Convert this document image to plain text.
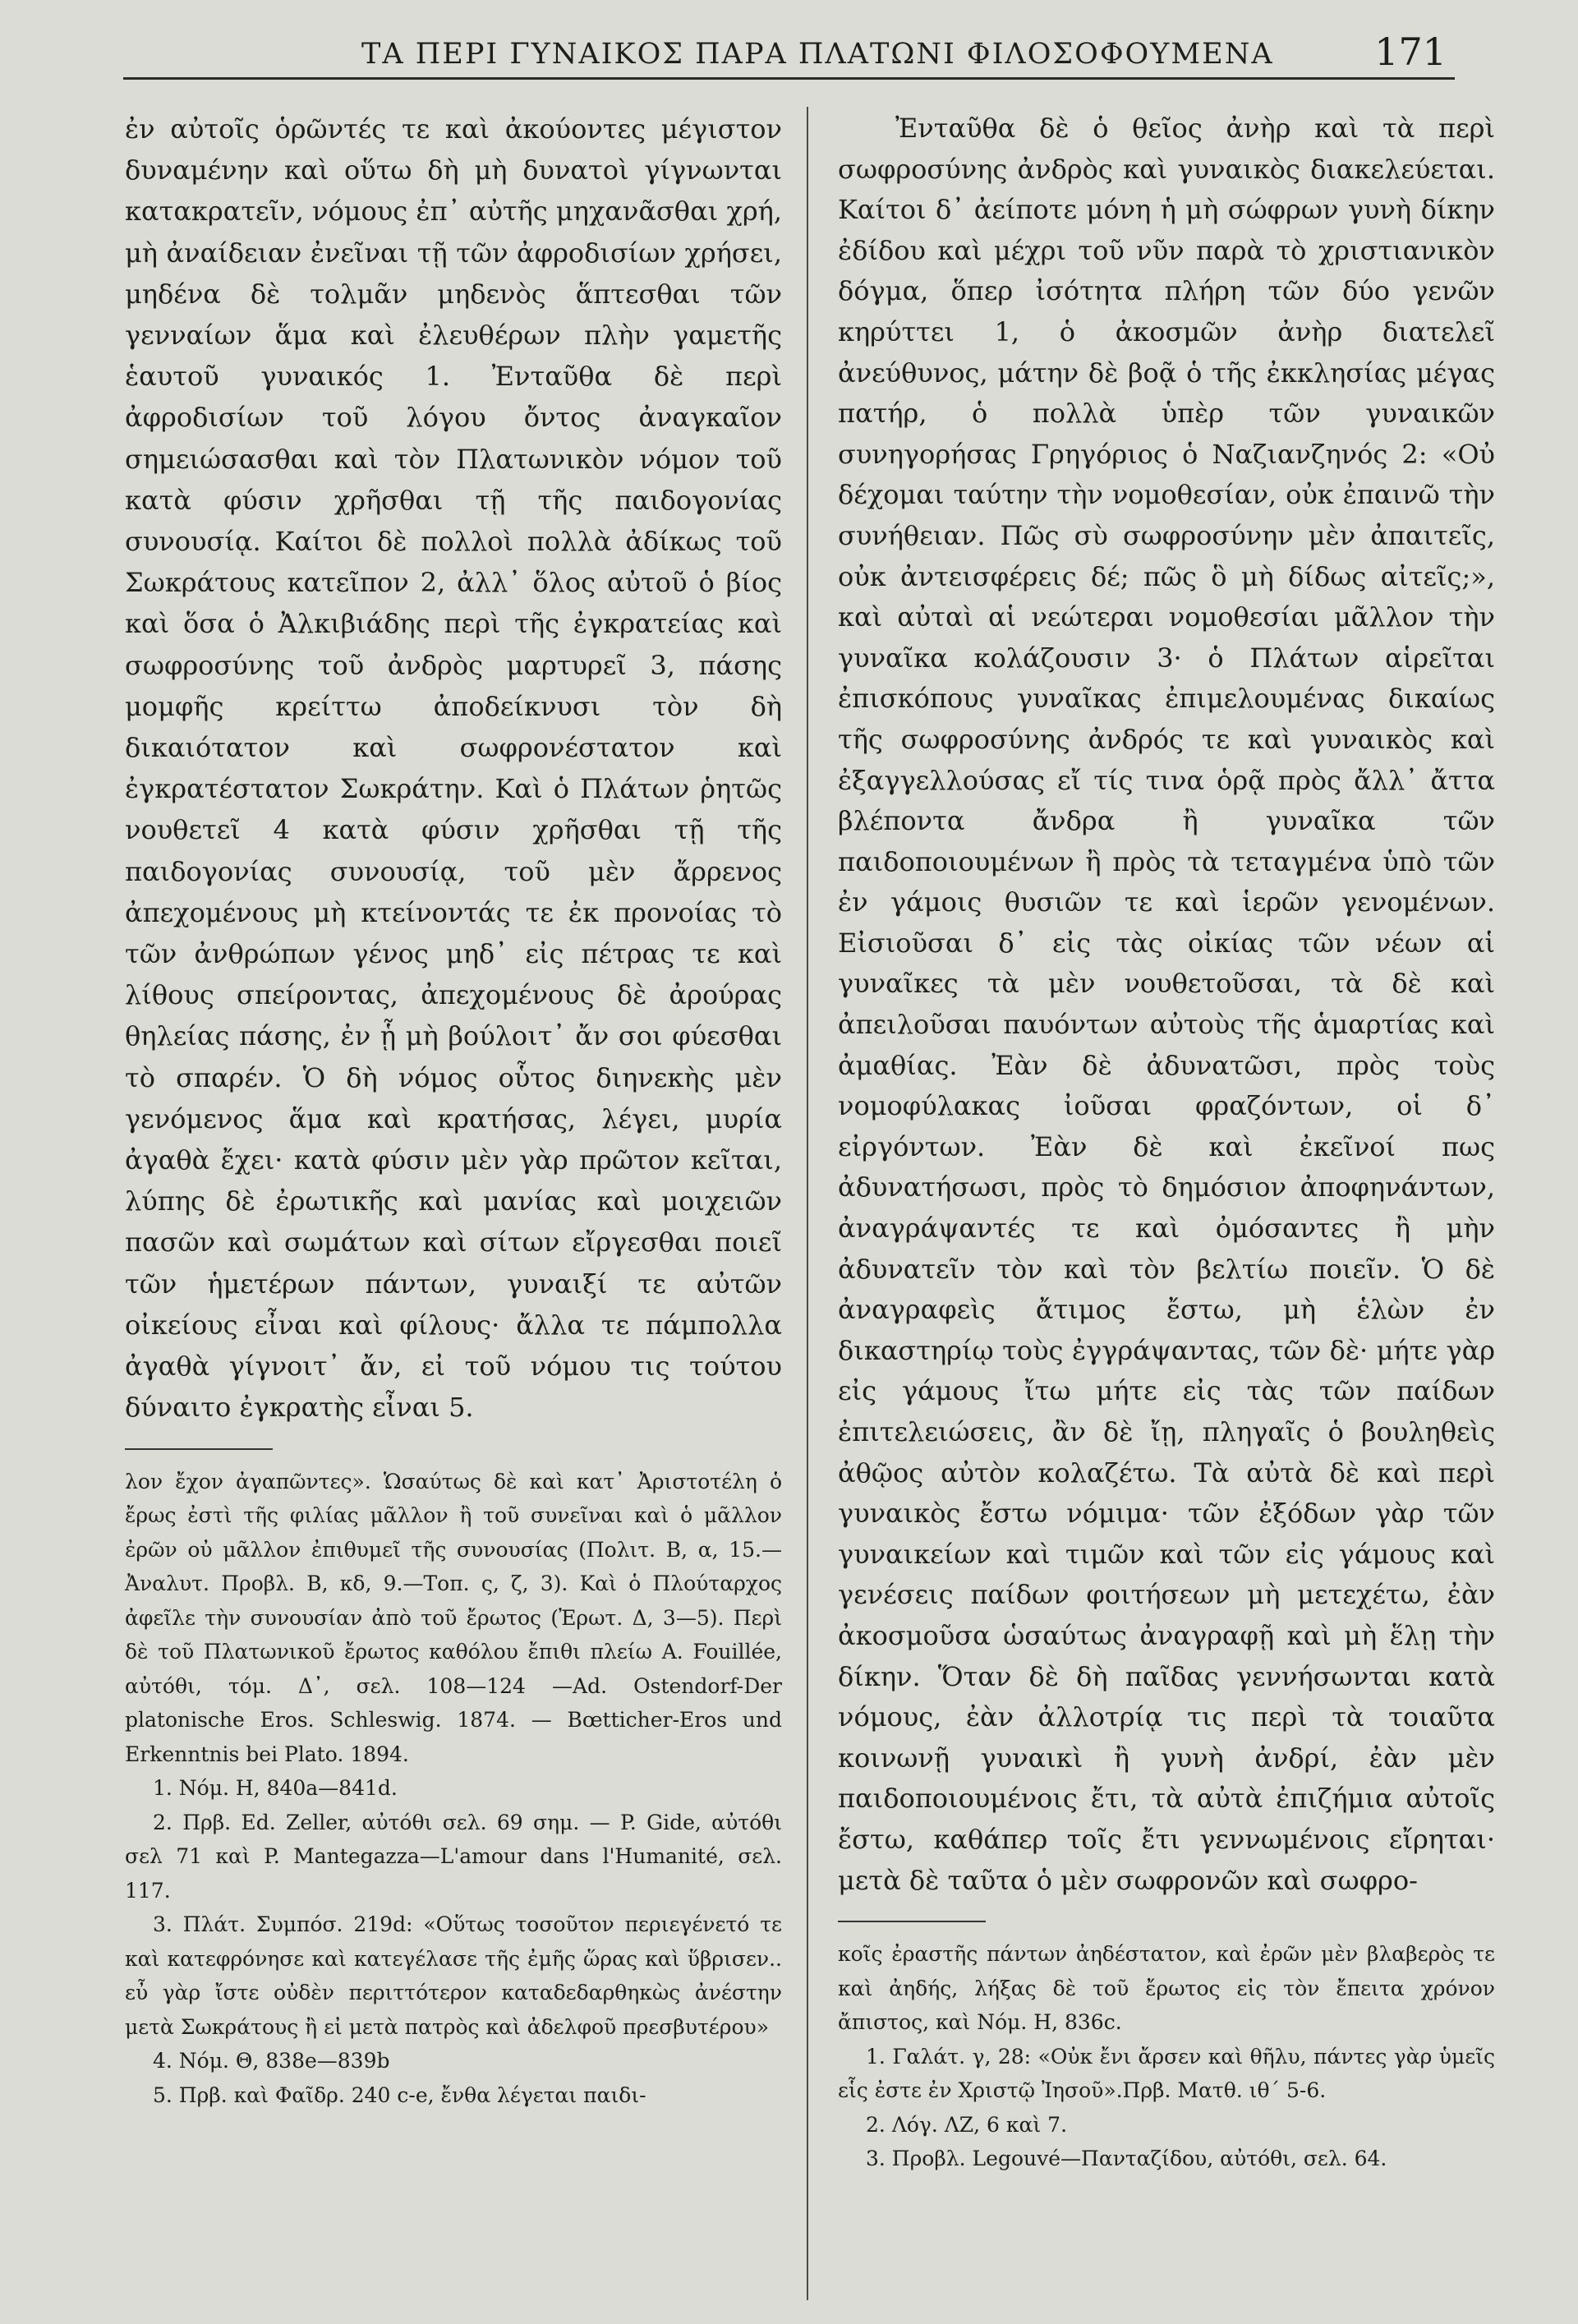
ΤΑ ΠΕΡΙ ΓΥΝΑΙΚΟΣ ΠΑΡΑ ΠΛΑΤΩΝΙ ΦΙΛΟΣΟΦΟΥΜΕΝΑ	171

ἐν αὐτοῖς ὁρῶντές τε καὶ ἀκούοντες μέγιστον δυναμένην καὶ οὕτω δὴ μὴ δυνατοὶ γίγνωνται κατακρατεῖν, νόμους ἐπ᾽ αὐτῆς μηχανᾶσθαι χρή, μὴ ἀναίδειαν ἐνεῖναι τῇ τῶν ἀφροδισίων χρήσει, μηδένα δὲ τολμᾶν μηδενὸς ἅπτεσθαι τῶν γενναίων ἅμα καὶ ἐλευθέρων πλὴν γαμετῆς ἑαυτοῦ γυναικός 1. Ἐνταῦθα δὲ περὶ ἀφροδισίων τοῦ λόγου ὄντος ἀναγκαῖον σημειώσασθαι καὶ τὸν Πλατωνικὸν νόμον τοῦ κατὰ φύσιν χρῆσθαι τῇ τῆς παιδογονίας συνουσίᾳ. Καίτοι δὲ πολλοὶ πολλὰ ἀδίκως τοῦ Σωκράτους κατεῖπον 2, ἀλλ᾽ ὅλος αὐτοῦ ὁ βίος καὶ ὅσα ὁ Ἀλκιβιάδης περὶ τῆς ἐγκρατείας καὶ σωφροσύνης τοῦ ἀνδρὸς μαρτυρεῖ 3, πάσης μομφῆς κρείττω ἀποδείκνυσι τὸν δὴ δικαιότατον καὶ σωφρονέστατον καὶ ἐγκρατέστατον Σωκράτην. Καὶ ὁ Πλάτων ῥητῶς νουθετεῖ 4 κατὰ φύσιν χρῆσθαι τῇ τῆς παιδογονίας συνουσίᾳ, τοῦ μὲν ἄρρενος ἀπεχομένους μὴ κτείνοντάς τε ἐκ προνοίας τὸ τῶν ἀνθρώπων γένος μηδ᾽ εἰς πέτρας τε καὶ λίθους σπείροντας, ἀπεχομένους δὲ ἀρούρας θηλείας πάσης, ἐν ᾗ μὴ βούλοιτ᾽ ἄν σοι φύεσθαι τὸ σπαρέν. Ὁ δὴ νόμος οὗτος διηνεκὴς μὲν γενόμενος ἅμα καὶ κρατήσας, λέγει, μυρία ἀγαθὰ ἔχει· κατὰ φύσιν μὲν γὰρ πρῶτον κεῖται, λύπης δὲ ἐρωτικῆς καὶ μανίας καὶ μοιχειῶν πασῶν καὶ σωμάτων καὶ σίτων εἴργεσθαι ποιεῖ τῶν ἡμετέρων πάντων, γυναιξί τε αὐτῶν οἰκείους εἶναι καὶ φίλους· ἄλλα τε πάμπολλα ἀγαθὰ γίγνοιτ᾽ ἄν, εἰ τοῦ νόμου τις τούτου δύναιτο ἐγκρατὴς εἶναι 5.

λον ἔχον ἀγαπῶντες». Ὡσαύτως δὲ καὶ κατ᾽ Ἀριστοτέλη ὁ ἔρως ἐστὶ τῆς φιλίας μᾶλλον ἢ τοῦ συνεῖναι καὶ ὁ μᾶλλον ἐρῶν οὐ μᾶλλον ἐπιθυμεῖ τῆς συνουσίας (Πολιτ. Β, α, 15.— Ἀναλυτ. Προβλ. Β, κδ, 9.—Τοπ. ς, ζ, 3). Καὶ ὁ Πλούταρχος ἀφεῖλε τὴν συνουσίαν ἀπὸ τοῦ ἔρωτος (Ἐρωτ. Δ, 3—5). Περὶ δὲ τοῦ Πλατωνικοῦ ἔρωτος καθόλου ἔπιθι πλείω A. Fouillée, αὐτόθι, τόμ. Δ᾽, σελ. 108—124 —Ad. Ostendorf-Der platonische Eros. Schleswig. 1874. — Bœtticher-Eros und Erkenntnis bei Plato. 1894.

1. Νόμ. Η, 840a—841d.

2. Πρβ. Ed. Zeller, αὐτόθι σελ. 69 σημ. — P. Gide, αὐτόθι σελ 71 καὶ P. Mantegazza—L'amour dans l'Humanité, σελ. 117.

3. Πλάτ. Συμπόσ. 219d: «Οὕτως τοσοῦτον περιεγένετό τε καὶ κατεφρόνησε καὶ κατεγέλασε τῆς ἐμῆς ὥρας καὶ ὕβρισεν.. εὖ γὰρ ἴστε οὐδὲν περιττότερον καταδεδαρθηκὼς ἀνέστην μετὰ Σωκράτους ἢ εἰ μετὰ πατρὸς καὶ ἀδελφοῦ πρεσβυτέρου»

4. Νόμ. Θ, 838e—839b

5. Πρβ. καὶ Φαῖδρ. 240 c-e, ἔνθα λέγεται παιδι-

Ἐνταῦθα δὲ ὁ θεῖος ἀνὴρ καὶ τὰ περὶ σωφροσύνης ἀνδρὸς καὶ γυναικὸς διακελεύεται. Καίτοι δ᾽ ἀείποτε μόνη ἡ μὴ σώφρων γυνὴ δίκην ἐδίδου καὶ μέχρι τοῦ νῦν παρὰ τὸ χριστιανικὸν δόγμα, ὅπερ ἰσότητα πλήρη τῶν δύο γενῶν κηρύττει 1, ὁ ἀκοσμῶν ἀνὴρ διατελεῖ ἀνεύθυνος, μάτην δὲ βοᾷ ὁ τῆς ἐκκλησίας μέγας πατήρ, ὁ πολλὰ ὑπὲρ τῶν γυναικῶν συνηγορήσας Γρηγόριος ὁ Ναζιανζηνός 2: «Οὐ δέχομαι ταύτην τὴν νομοθεσίαν, οὐκ ἐπαινῶ τὴν συνήθειαν. Πῶς σὺ σωφροσύνην μὲν ἀπαιτεῖς, οὐκ ἀντεισφέρεις δέ; πῶς ὃ μὴ δίδως αἰτεῖς;», καὶ αὐταὶ αἱ νεώτεραι νομοθεσίαι μᾶλλον τὴν γυναῖκα κολάζουσιν 3· ὁ Πλάτων αἱρεῖται ἐπισκόπους γυναῖκας ἐπιμελουμένας δικαίως τῆς σωφροσύνης ἀνδρός τε καὶ γυναικὸς καὶ ἐξαγγελλούσας εἴ τίς τινα ὁρᾷ πρὸς ἄλλ᾽ ἄττα βλέποντα ἄνδρα ἢ γυναῖκα τῶν παιδοποιουμένων ἢ πρὸς τὰ τεταγμένα ὑπὸ τῶν ἐν γάμοις θυσιῶν τε καὶ ἱερῶν γενομένων. Εἰσιοῦσαι δ᾽ εἰς τὰς οἰκίας τῶν νέων αἱ γυναῖκες τὰ μὲν νουθετοῦσαι, τὰ δὲ καὶ ἀπειλοῦσαι παυόντων αὐτοὺς τῆς ἁμαρτίας καὶ ἀμαθίας. Ἐὰν δὲ ἀδυνατῶσι, πρὸς τοὺς νομοφύλακας ἰοῦσαι φραζόντων, οἱ δ᾽ εἰργόντων. Ἐὰν δὲ καὶ ἐκεῖνοί πως ἀδυνατήσωσι, πρὸς τὸ δημόσιον ἀποφηνάντων, ἀναγράψαντές τε καὶ ὀμόσαντες ἢ μὴν ἀδυνατεῖν τὸν καὶ τὸν βελτίω ποιεῖν. Ὁ δὲ ἀναγραφεὶς ἄτιμος ἔστω, μὴ ἑλὼν ἐν δικαστηρίῳ τοὺς ἐγγράψαντας, τῶν δὲ· μήτε γὰρ εἰς γάμους ἴτω μήτε εἰς τὰς τῶν παίδων ἐπιτελειώσεις, ἂν δὲ ἴῃ, πληγαῖς ὁ βουληθεὶς ἀθῷος αὐτὸν κολαζέτω. Τὰ αὐτὰ δὲ καὶ περὶ γυναικὸς ἔστω νόμιμα· τῶν ἐξόδων γὰρ τῶν γυναικείων καὶ τιμῶν καὶ τῶν εἰς γάμους καὶ γενέσεις παίδων φοιτήσεων μὴ μετεχέτω, ἐὰν ἀκοσμοῦσα ὡσαύτως ἀναγραφῇ καὶ μὴ ἕλῃ τὴν δίκην. Ὅταν δὲ δὴ παῖδας γεννήσωνται κατὰ νόμους, ἐὰν ἀλλοτρίᾳ τις περὶ τὰ τοιαῦτα κοινωνῇ γυναικὶ ἢ γυνὴ ἀνδρί, ἐὰν μὲν παιδοποιουμένοις ἔτι, τὰ αὐτὰ ἐπιζήμια αὐτοῖς ἔστω, καθάπερ τοῖς ἔτι γεννωμένοις εἴρηται· μετὰ δὲ ταῦτα ὁ μὲν σωφρονῶν καὶ σωφρο-

κοῖς ἐραστῆς πάντων ἀηδέστατον, καὶ ἐρῶν μὲν βλαβερὸς τε καὶ ἀηδής, λήξας δὲ τοῦ ἔρωτος εἰς τὸν ἔπειτα χρόνον ἄπιστος, καὶ Νόμ. Η, 836c.

1. Γαλάτ. γ, 28: «Οὐκ ἔνι ἄρσεν καὶ θῆλυ, πάντες γὰρ ὑμεῖς εἷς ἐστε ἐν Χριστῷ Ἰησοῦ».Πρβ. Ματθ. ιθ´ 5-6.

2. Λόγ. ΛΖ, 6 καὶ 7.

3. Προβλ. Legouvé—Πανταζίδου, αὐτόθι, σελ. 64.
